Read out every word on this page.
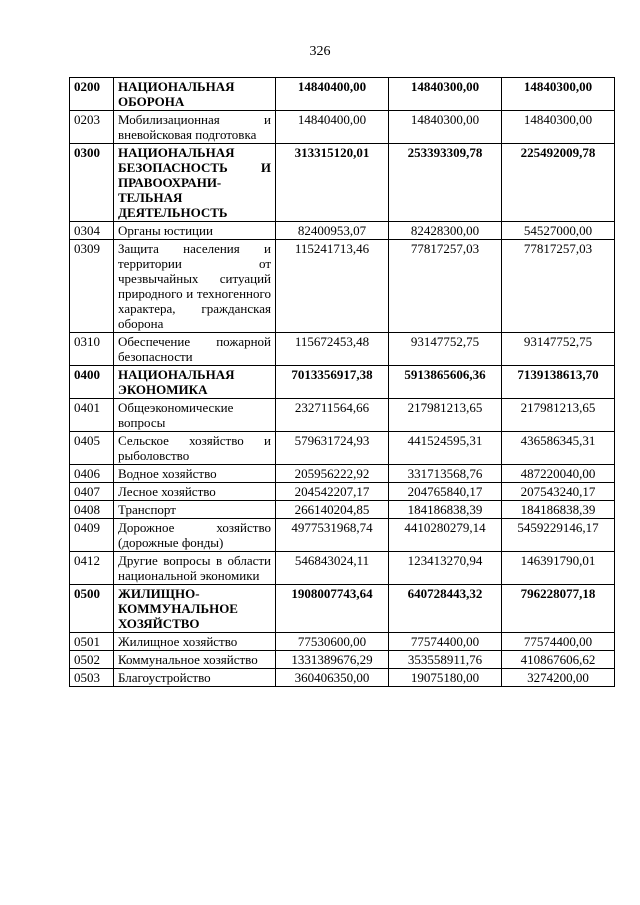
326
0200	НАЦИОНАЛЬНАЯ ОБОРОНА	14840400,00	14840300,00	14840300,00
0203	Мобилизационная и вневойсковая подготовка	14840400,00	14840300,00	14840300,00
0300	НАЦИОНАЛЬНАЯ БЕЗОПАСНОСТЬ И ПРАВООХРАНИ-ТЕЛЬНАЯ ДЕЯТЕЛЬНОСТЬ	313315120,01	253393309,78	225492009,78
0304	Органы юстиции	82400953,07	82428300,00	54527000,00
0309	Защита населения и территории от чрезвычайных ситуаций природного и техногенного характера, гражданская оборона	115241713,46	77817257,03	77817257,03
0310	Обеспечение пожарной безопасности	115672453,48	93147752,75	93147752,75
0400	НАЦИОНАЛЬНАЯ ЭКОНОМИКА	7013356917,38	5913865606,36	7139138613,70
0401	Общеэкономические вопросы	232711564,66	217981213,65	217981213,65
0405	Сельское хозяйство и рыболовство	579631724,93	441524595,31	436586345,31
0406	Водное хозяйство	205956222,92	331713568,76	487220040,00
0407	Лесное хозяйство	204542207,17	204765840,17	207543240,17
0408	Транспорт	266140204,85	184186838,39	184186838,39
0409	Дорожное хозяйство (дорожные фонды)	4977531968,74	4410280279,14	5459229146,17
0412	Другие вопросы в области национальной экономики	546843024,11	123413270,94	146391790,01
0500	ЖИЛИЩНО-КОММУНАЛЬНОЕ ХОЗЯЙСТВО	1908007743,64	640728443,32	796228077,18
0501	Жилищное хозяйство	77530600,00	77574400,00	77574400,00
0502	Коммунальное хозяйство	1331389676,29	353558911,76	410867606,62
0503	Благоустройство	360406350,00	19075180,00	3274200,00
